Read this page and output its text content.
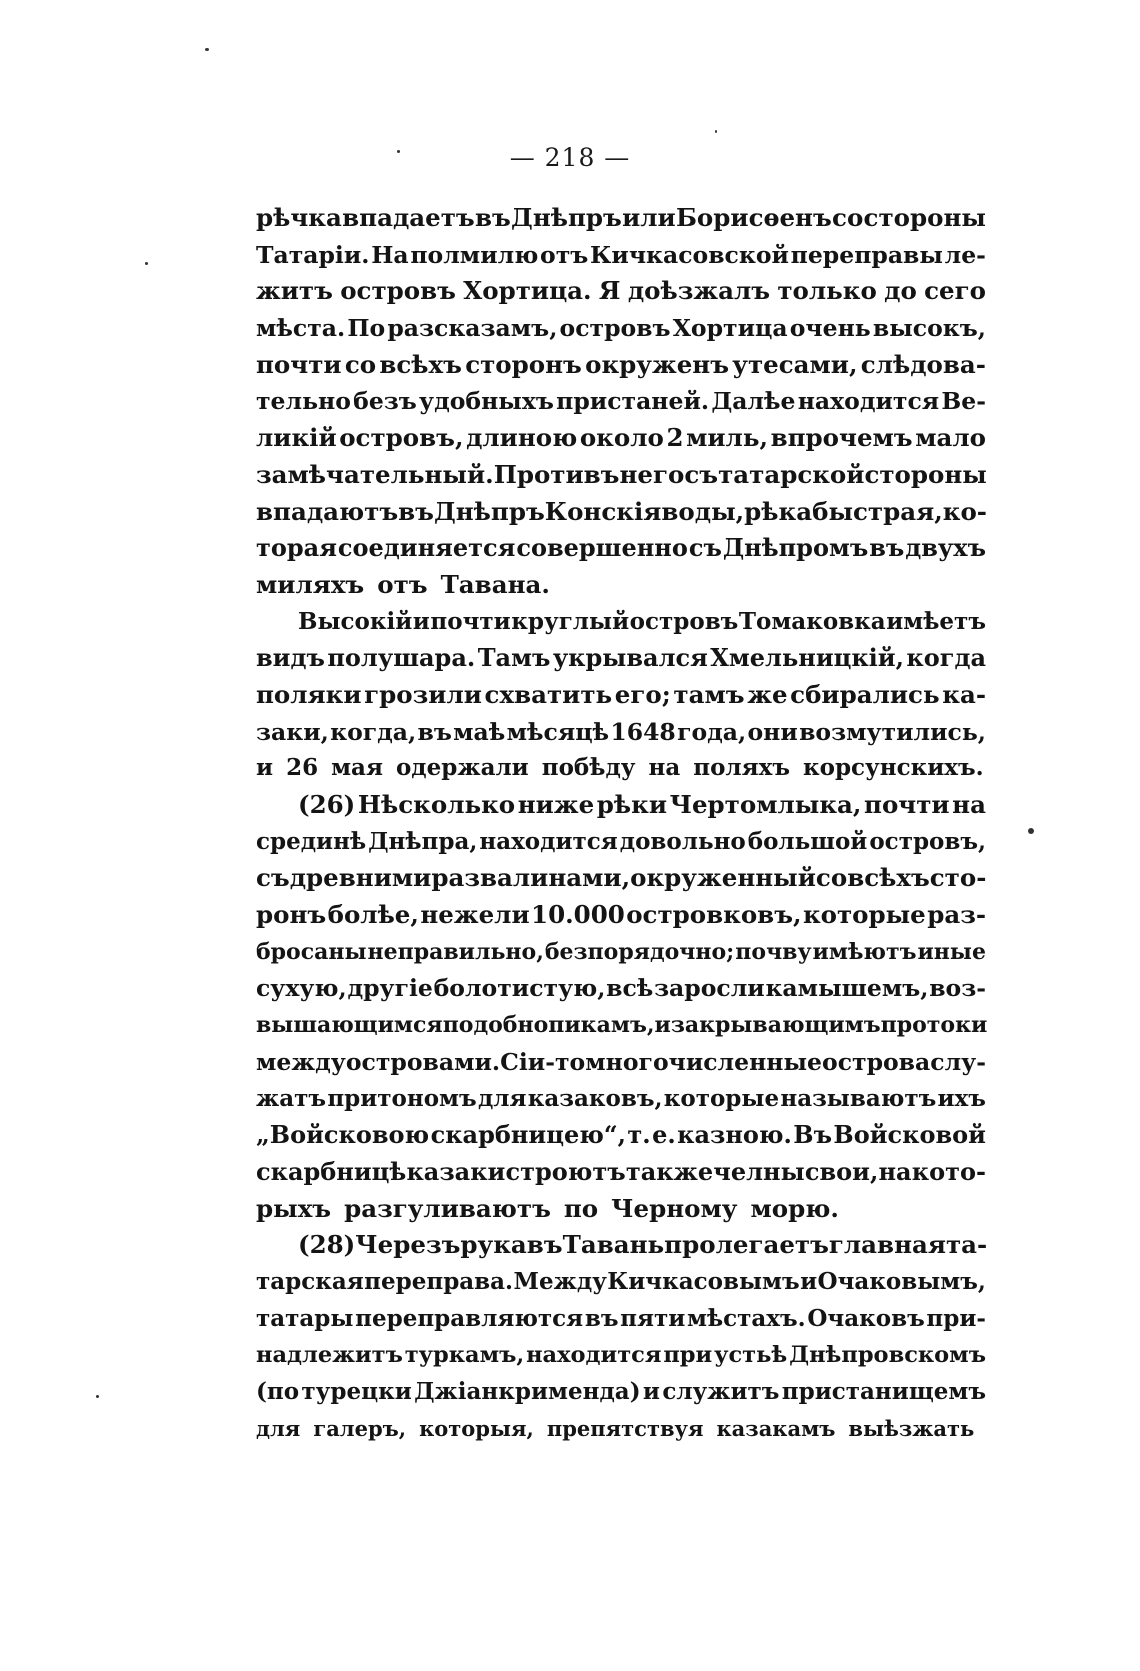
— 218 —
рѣчка впадаетъ въ Днѣпръ или Борисѳенъ со стороны
Татаріи. На полмилю отъ Кичкасовской переправы ле-
житъ островъ Хортица. Я доѣзжалъ только до сего
мѣста. По разсказамъ, островъ Хортица очень высокъ,
почти со всѣхъ сторонъ окруженъ утесами, слѣдова-
тельно безъ удобныхъ пристаней. Далѣе находится Ве-
ликій островъ, длиною около 2 миль, впрочемъ мало
замѣчательный. Противъ него съ татарской стороны
впадаютъ въ Днѣпръ Конскія воды, рѣка быстрая, ко-
торая соединяется совершенно съ Днѣпромъ въ двухъ
миляхъ отъ Тавана.
Высокій и почти круглый островъ Томаковка имѣетъ
видъ полушара. Тамъ укрывался Хмельницкій, когда
поляки грозили схватить его; тамъ же сбирались ка-
заки, когда, въ маѣ мѣсяцѣ 1648 года, они возмутились,
и 26 мая одержали побѣду на поляхъ корсунскихъ.
(26) Нѣсколько ниже рѣки Чертомлыка, почти на
сре​динѣ Днѣпра, находится довольно большой островъ,
съ древними развалинами, окруженный со всѣхъ сто-
ронъ болѣе, нежели 10.000 островковъ, которые раз-
бросаны неправильно, безпорядочно; почву имѣютъ иные
сухую, другіе болотистую, всѣ заросли камышемъ, воз-
вышающимся подобно пикамъ, и закрывающимъ протоки
между островами. Сіи-то многочисленные острова слу-
жатъ притономъ для казаковъ, которые называютъ ихъ
„Войсковою скарбницею“, т. е. казною. Въ Войсковой
скарбницѣ казаки строютъ также челны свои, на кото-
рыхъ разгуливаютъ по Черному морю.
(28) Черезъ рукавъ Тавань пролегаетъ главная та-
тарская переправа. Между Кичкасовымъ и Очаковымъ,
татары переправляются въ пяти мѣстахъ. Очаковъ при-
надлежитъ туркамъ, находится при устьѣ Днѣпровскомъ
(по турецки Джіанкримендa) и служитъ пристанищемъ
для галеръ, которыя, препятствуя казакамъ выѣзжать
